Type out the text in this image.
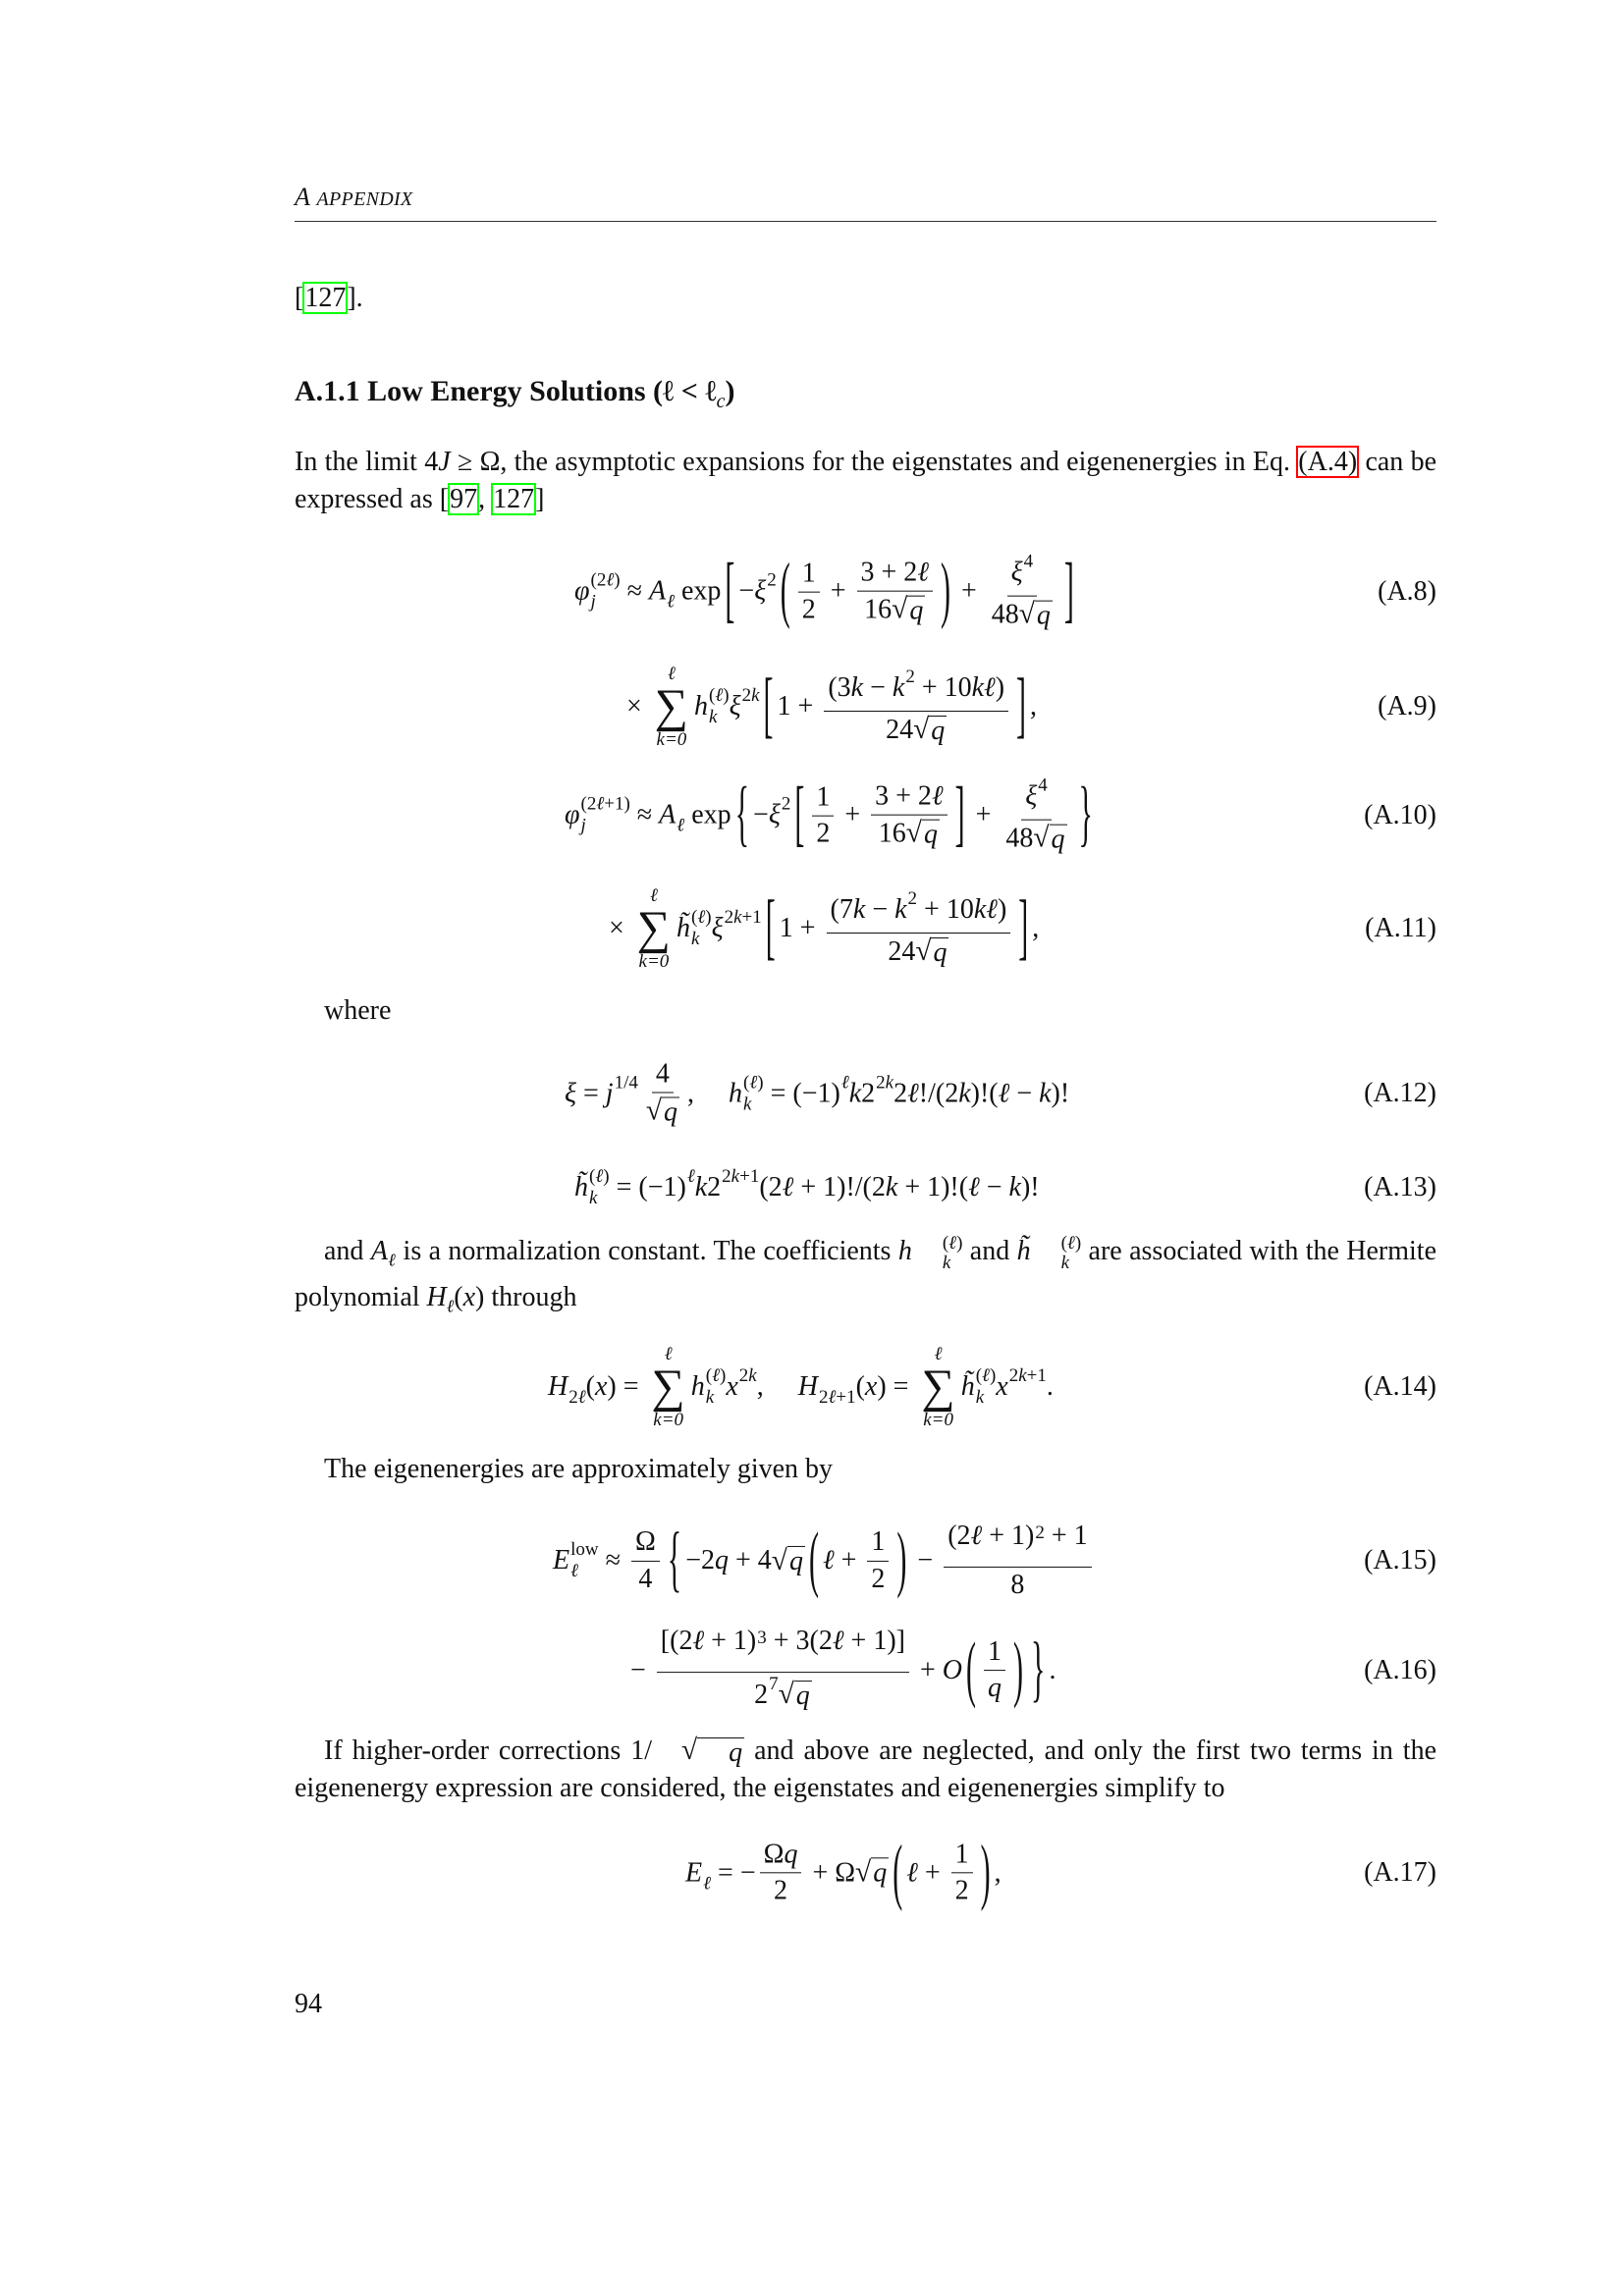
A APPENDIX
[127].
A.1.1 Low Energy Solutions (ℓ < ℓ$_c$)
In the limit 4J ≥ Ω, the asymptotic expansions for the eigenstates and eigenenergies in Eq. (A.4) can be expressed as [97, 127]
where
and $A_\ell$ is a normalization constant. The coefficients h	(ℓ)
k and h̃	(ℓ)
k are associated with the Hermite polynomial $H_\ell(x)$ through
The eigenenergies are approximately given by
If higher-order corrections 1/	√	q and above are neglected, and only the first two terms in the eigenenergy expression are considered, the eigenstates and eigenenergies simplify to
φ (2ℓ)
j ≈ A
ℓ exp [ − ξ 2
( $\frac{1}{2} + \frac{\text{3 + 2ℓ}}{16 √ q}$ ) + $\frac{\xi 4}{48 √ q}$ ]	(A.8)
×
ℓ
∑
k=0
h (ℓ)
k ξ 2k
[ 1 + (3k − k 2
+ 10kℓ)
24 √ q ] ,	(A.9)
φ (2ℓ+1)
j	≈ A
ℓ exp { − ξ 2
[ $\frac{1}{2} + \frac{\text{3 + 2ℓ}}{16 √ q}$ ] + $\frac{\xi 4}{48 √ q}$ }	(A.10)
×
ℓ
∑
k=0
h̃ (ℓ)
k ξ 2k+1
[ 1 + (7k − k 2
+ 10kℓ)
24 √ q ] ,	(A.11)
ξ = j 1/4
$\frac{4}{√ q}$ , h (ℓ)
k = (−1) ℓ
k 2 2k
2 ℓ !/(2 k )!( ℓ − k )!	(A.12)
h̃ (ℓ)
k = (−1) ℓ
k 2 2k+1
(2 ℓ + 1)!/(2 k + 1)!( ℓ − k )!	(A.13)
H
2ℓ ( x ) =
ℓ
∑
k=0
h (ℓ)
k x 2k
, H
2ℓ+1 ( x ) =
ℓ
∑
k=0
h̃ (ℓ)
k x 2k+1
.	(A.14)
E low
ℓ ≈ $\frac{\Omega}{4}$ { −2 q + 4 √ q ( ℓ + $\frac{1}{2}$ ) − (2ℓ + 1) 2
+ 1
8	(A.15)
− [(2ℓ + 1) 3
+ 3(2ℓ + 1)]
2 7
√ q + O ( $\frac{1}{q}$ ) } .	(A.16)
E
ℓ = − $\frac{\Omega q}{2} + \Omega$ √ q ( ℓ + $\frac{1}{2}$ ) ,	(A.17)
94
